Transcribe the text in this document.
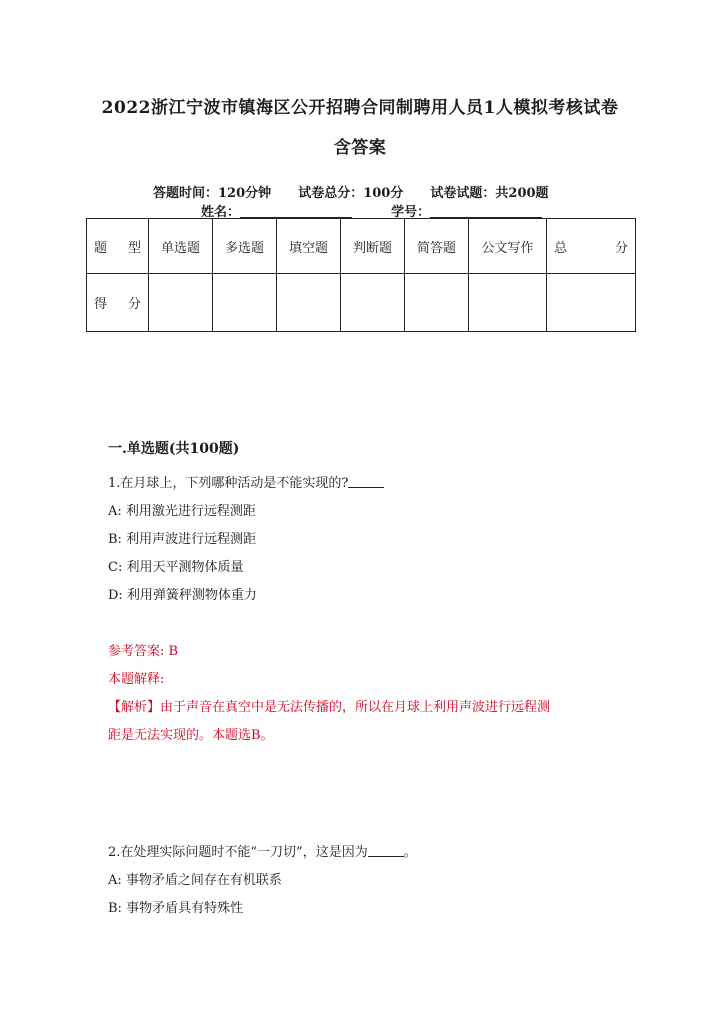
2022浙江宁波市镇海区公开招聘合同制聘用人员1人模拟考核试卷
含答案
答题时间：120分钟 试卷总分：100分 试卷试题：共200题
姓名：	学号：
题 型	单选题	多选题	填空题	判断题	简答题	公文写作	总 分

得 分							

一.单选题(共100题)
1.在月球上，下列哪种活动是不能实现的?
A: 利用激光进行远程测距
B: 利用声波进行远程测距
C: 利用天平测物体质量
D: 利用弹簧秤测物体重力
参考答案: B
本题解释:
【解析】由于声音在真空中是无法传播的，所以在月球上利用声波进行远程测
距是无法实现的。本题选B。
2.在处理实际问题时不能“一刀切”，这是因为	。
A: 事物矛盾之间存在有机联系
B: 事物矛盾具有特殊性
